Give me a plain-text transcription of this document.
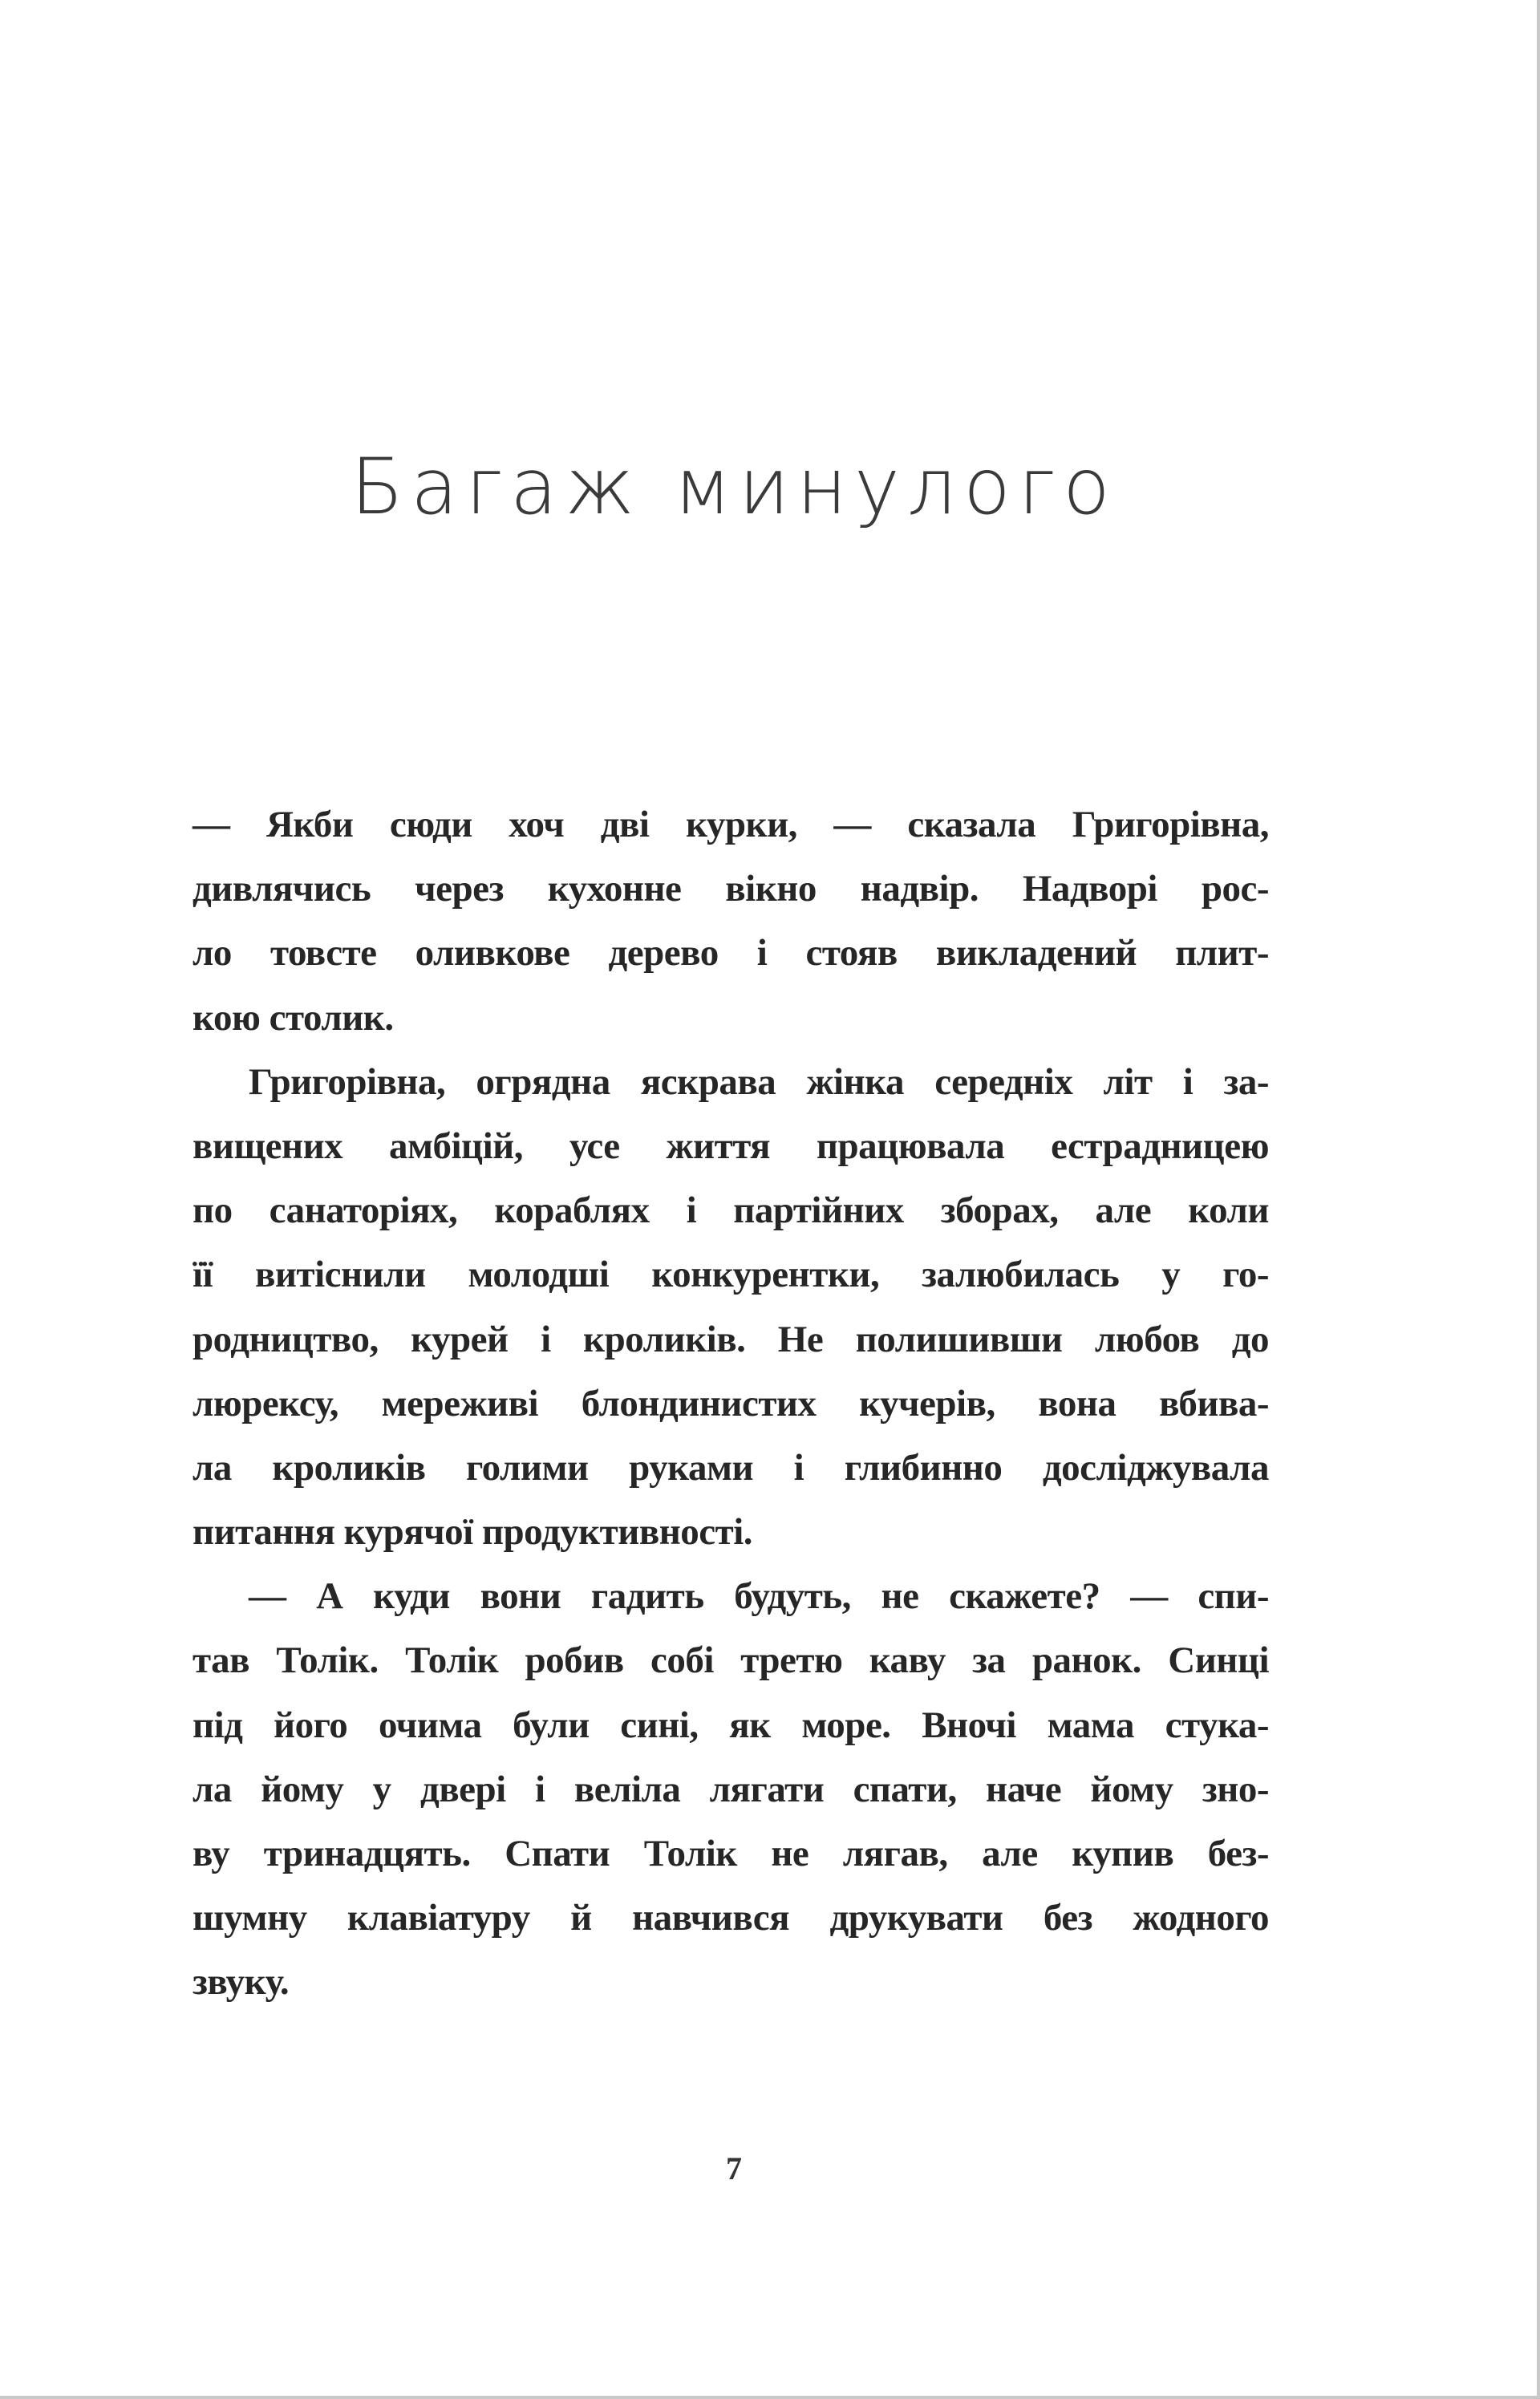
Багаж минулого
— Якби сюди хоч дві курки, — сказала Григорівна,
дивлячись через кухонне вікно надвір. Надворі рос-
ло товсте оливкове дерево і стояв викладений плит-
кою столик.
Григорівна, огрядна яскрава жінка середніх літ і за-
вищених амбіцій, усе життя працювала естрадницею
по санаторіях, кораблях і партійних зборах, але коли
її витіснили молодші конкурентки, залюбилась у го-
родництво, курей і кроликів. Не полишивши любов до
люрексу, мереживі блондинистих кучерів, вона вбива-
ла кроликів голими руками і глибинно досліджувала
питання курячої продуктивності.
— А куди вони гадить будуть, не скажете? — спи-
тав Толік. Толік робив собі третю каву за ранок. Синці
під його очима були сині, як море. Вночі мама стука-
ла йому у двері і веліла лягати спати, наче йому зно-
ву тринадцять. Спати Толік не лягав, але купив без-
шумну клавіатуру й навчився друкувати без жодного
звуку.
7
